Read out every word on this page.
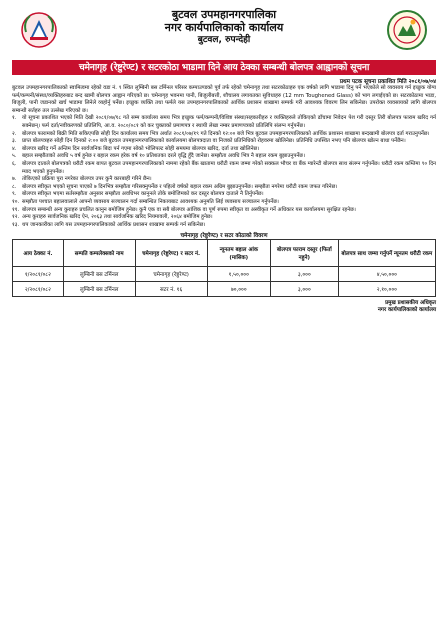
बुटवल उपमहानगरपालिका
नगर कार्यपालिकाको कार्यालय
बुटवल, रुपन्देही
चमेनागृह (रेष्टुरेण्ट) र सटरकोठा भाडामा दिने आय ठेक्का सम्बन्धी बोलपत्र आह्वानको सूचना
प्रथम पटक सूचना प्रकाशित मिति २०८१/०७/०४

बुटवल उपमहानगरपालिकाको स्वामित्वमा रहेको वडा नं. ९ स्थित लुम्बिनी बस टर्मिनल परिसर कम्पाउण्डको पूर्व तर्फ रहेको चमेनागृह तथा सटरकोठाहरु एक वर्षको लागि भाडामा दिनु पर्ने भएकोले सो व्यवसाय गर्न इच्छुक योग्य फर्म/कम्पनी/संस्था/व्यक्तिहरुबाट बन्द खामी बोलपत्र आह्वान गरिएको छ। चमेनागृह भवनमा पानी, बिजुलीबत्ती, शौचालय लगायतका सुविधाहरु (12 mm Toughened Glass) को भाग लगाईएको छ। सटरकोठामा भाडा, बिजुली, पानी जडानको खर्च भाडामा लिनेले व्यहोर्नु पर्नेछ। इच्छुक व्यक्ति तथा फर्मले यस उपमहानगरपालिकाको आर्थिक प्रशासन शाखामा सम्पर्क गरी आवश्यक विवरण लिन सकिनेछ। उपरोक्त व्यवसायको लागि बोलपत्र सम्बन्धी सर्तहरु तल उल्लेख गरिएको छ।

१. यो सूचना प्रकाशित भएको मिति देखी २०८१/०७/१८ गते सम्म कार्यालय समय भित्र इच्छुक फर्म/कम्पनी/विशिष्ट संस्था/सहकारीहरु र व्यक्तिहरुले तोकिएको ढाँचामा निवेदन पेश गरी दस्तुर तिरी बोलपत्र फाराम खरिद गर्न सक्नेछन्। फर्म दर्ता/नवीकरणको प्रतिलिपि, आ.व. २०८०/०८१ को कर चुक्ताको प्रमाणपत्र र स्थायी लेखा नम्बर प्रमाणपत्रको प्रतिलिपि संलग्न गर्नुपर्नेछ।
२. बोलपत्र फारामको बिक्री मिति सकिएपछि सोही दिन कार्यालय समय भित्र अर्थात २०८१/०७/१९ गते दिनको १२:०० बजे भित्र बुटवल उपमहानगरपालिकाको आर्थिक प्रशासन शाखामा बन्दखामी बोलपत्र दर्ता गराउनुपर्नेछ।
३. प्राप्त बोलपत्रहरु सोही दिन दिनको २:०० बजे बुटवल उपमहानगरपालिकाको कार्यालयमा बोलपत्रदाता वा निजको प्रतिनिधिको रोहवरमा खोलिनेछ। प्रतिनिधि उपस्थित नभए पनि बोलपत्र खोल्न बाधा पर्नेछैन।
४. बोलपत्र खरिद गर्ने अन्तिम दिन सार्वजनिक बिदा पर्न गएमा सोको भोलिपल्ट सोही समयमा बोलपत्र खरिद, दर्ता तथा खोलिनेछ।
५. बहाल सम्झौताको अवधि ५ वर्ष हुनेछ र बहाल रकम हरेक वर्ष १० प्रतिशतका दरले वृद्धि हुँदै जानेछ। सम्झौता अवधि भित्र नै बहाल रकम बुझाउनुपर्नेछ।
६. बोलपत्र दाताले बोलपत्रको धरौटी रकम बापत बुटवल उपमहानगरपालिकाको नाममा रहेको बैंक खातामा धरौटी रकम जम्मा गरेको सक्कल भौचर वा बैंक ग्यारेन्टी बोलपत्र साथ संलग्न गर्नुपर्नेछ। धरौटी रकम कम्तिमा ९० दिन म्याद भएको हुनुपर्नेछ।
७. तोकिएको प्रक्रिया पुरा नगरेका बोलपत्र उपर कुनै कारबाही गरिने छैन।
८. बोलपत्र स्वीकृत भएको सूचना पाएको ७ दिनभित्र सम्झौता गरिसक्नुपर्नेछ र पहिलो वर्षको बहाल रकम अग्रिम बुझाउनुपर्नेछ। सम्झौता नगरेमा धरौटी रकम जफत गरिनेछ।
९. बोलपत्र स्वीकृत भएमा सर्तसम्झौता अनुसार सम्झौता अवधिभर कानुनले तोके बमोजिमको कर दस्तुर बोलपत्र दाताले नै तिर्नुपर्नेछ।
१०. सम्झौता पश्चात बहालवालाले आफ्नो व्यवसाय सञ्चालन गर्दा सम्बन्धित निकायबाट आवश्यक अनुमति लिई व्यवसाय सञ्चालन गर्नुपर्नेछ।
११. बोलपत्र सम्बन्धी अन्य कुराहरु प्रचलित कानुन बमोजिम हुनेछ। कुनै एक वा सबै बोलपत्र आंशिक वा पूर्ण रुपमा स्वीकृत वा अस्वीकृत गर्ने अधिकार यस कार्यालयमा सुरक्षित रहनेछ।
१२. अन्य कुराहरु सार्वजनिक खरिद ऐन, २०६३ तथा सार्वजनिक खरिद नियमावली, २०६४ बमोजिम हुनेछ।
१३. थप जानकारीका लागि यस उपमहानगरपालिकाको आर्थिक प्रशासन शाखामा सम्पर्क गर्न सकिनेछ।
चमेनागृह (रेष्टुरेण्ट) र सटर कोठाको विवरण
आय ठेक्का नं.	सम्पति कम्पलेक्सको नाम	चमेनागृह (रेष्टुरेण्ट) र सटर नं.	न्यूनतम बहाल आंक (मासिक)	बोलपत्र फाराम दस्तुर (फिर्ता नहुने)	बोलपत्र साथ जम्मा गर्नुपर्ने न्यूनतम धरौटी रकम
१/२०८१/०८२	लुम्बिनी बस टर्मिनल	चमेनागृह (रेष्टुरेण्ट)	१,५०,०००	३,०००	४,५०,०००
२/२०८१/०८२	लुम्बिनी बस टर्मिनल	सटर नं. १६	७०,०००	३,०००	२,१०,०००
प्रमुख प्रशासकीय अधिकृत
नगर कार्यपालिकाको कार्यालय
